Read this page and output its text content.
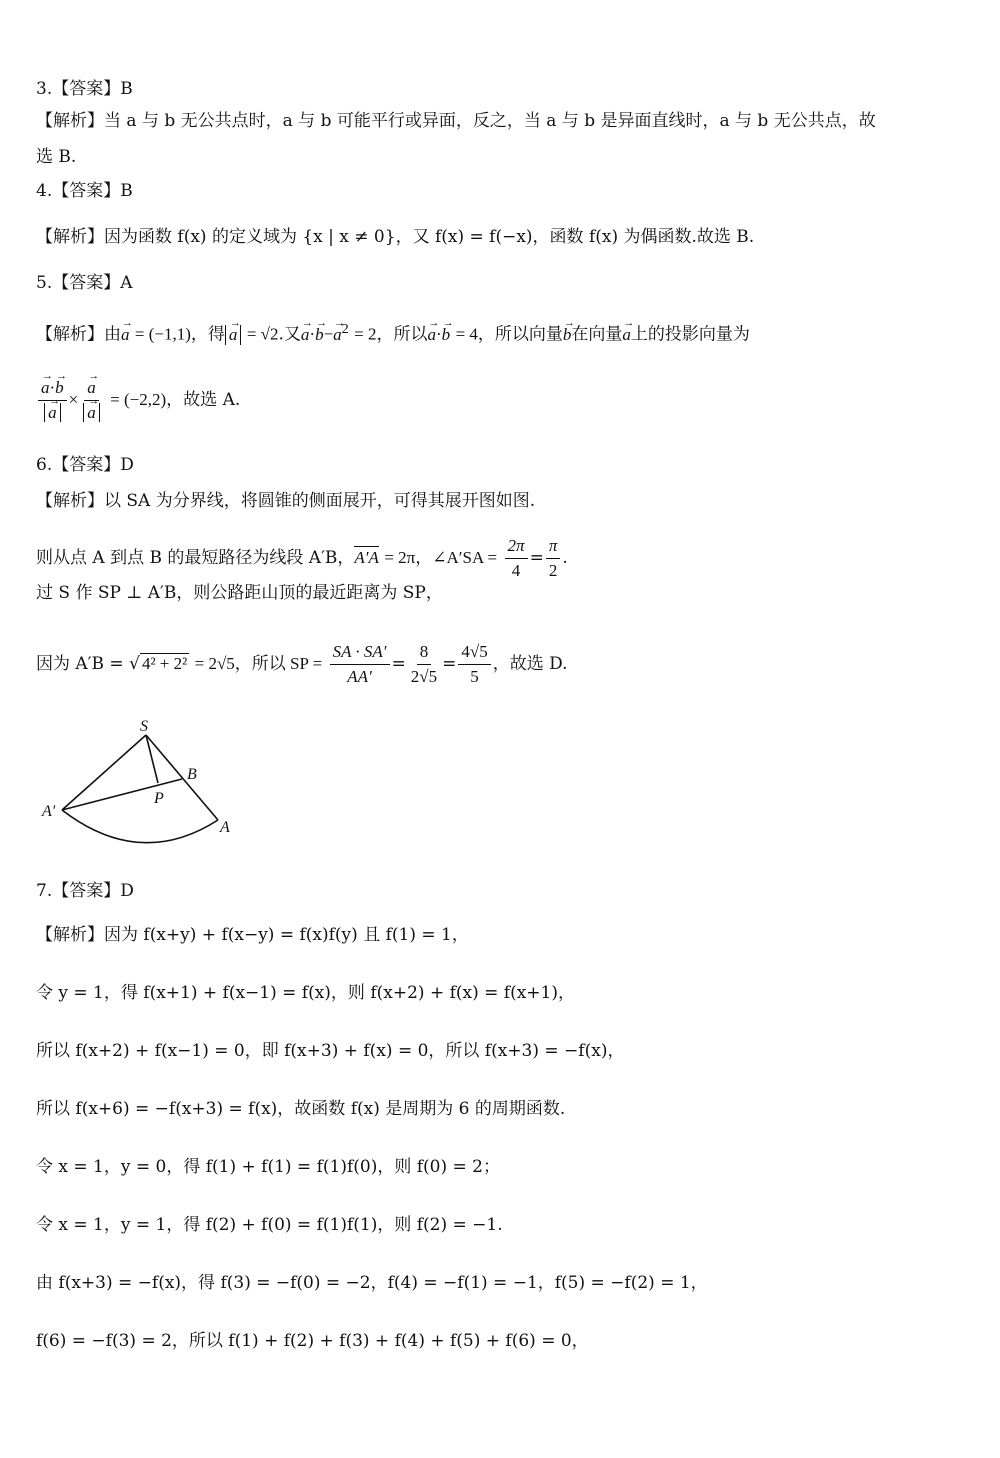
3.【答案】B
【解析】当 a 与 b 无公共点时，a 与 b 可能平行或异面，反之，当 a 与 b 是异面直线时，a 与 b 无公共点，故
选 B.
4.【答案】B
【解析】因为函数 f(x) 的定义域为 {x | x ≠ 0}，又 f(x) = f(−x)，函数 f(x) 为偶函数.故选 B.
5.【答案】A
【解析】由→ a = (−1,1)，得 → a = √2.又→ $a\cdot\to b-\to a^2 = 2$，所以→ a·→ b = 4，所以向量→ b在向量→ a上的投影向量为
→ a·→ b
→ a × → a
→ a = (−2,2)，故选 A.
6.【答案】D
【解析】以 SA 为分界线，将圆锥的侧面展开，可得其展开图如图.
则从点 A 到点 B 的最短路径为线段 A′B，A′A = 2π，∠A′SA = $\frac{2\pi}{4} = \frac{\pi}{2}$ .
过 S 作 SP ⊥ A′B，则公路距山顶的最近距离为 SP，
因为 A′B = √ 4² + 2² = 2√5，所以 SP = $\frac{SA \cdot SA'}{AA'} = \frac{8}{2√5} = \frac{4√5}{5}$ ，故选 D.
S
B
P
A′
A
7.【答案】D
【解析】因为 f(x+y) + f(x−y) = f(x)f(y) 且 f(1) = 1，
令 y = 1，得 f(x+1) + f(x−1) = f(x)，则 f(x+2) + f(x) = f(x+1)，
所以 f(x+2) + f(x−1) = 0，即 f(x+3) + f(x) = 0，所以 f(x+3) = −f(x)，
所以 f(x+6) = −f(x+3) = f(x)，故函数 f(x) 是周期为 6 的周期函数.
令 x = 1，y = 0，得 f(1) + f(1) = f(1)f(0)，则 f(0) = 2；
令 x = 1，y = 1，得 f(2) + f(0) = f(1)f(1)，则 f(2) = −1.
由 f(x+3) = −f(x)，得 f(3) = −f(0) = −2，f(4) = −f(1) = −1，f(5) = −f(2) = 1，
f(6) = −f(3) = 2，所以 f(1) + f(2) + f(3) + f(4) + f(5) + f(6) = 0，
